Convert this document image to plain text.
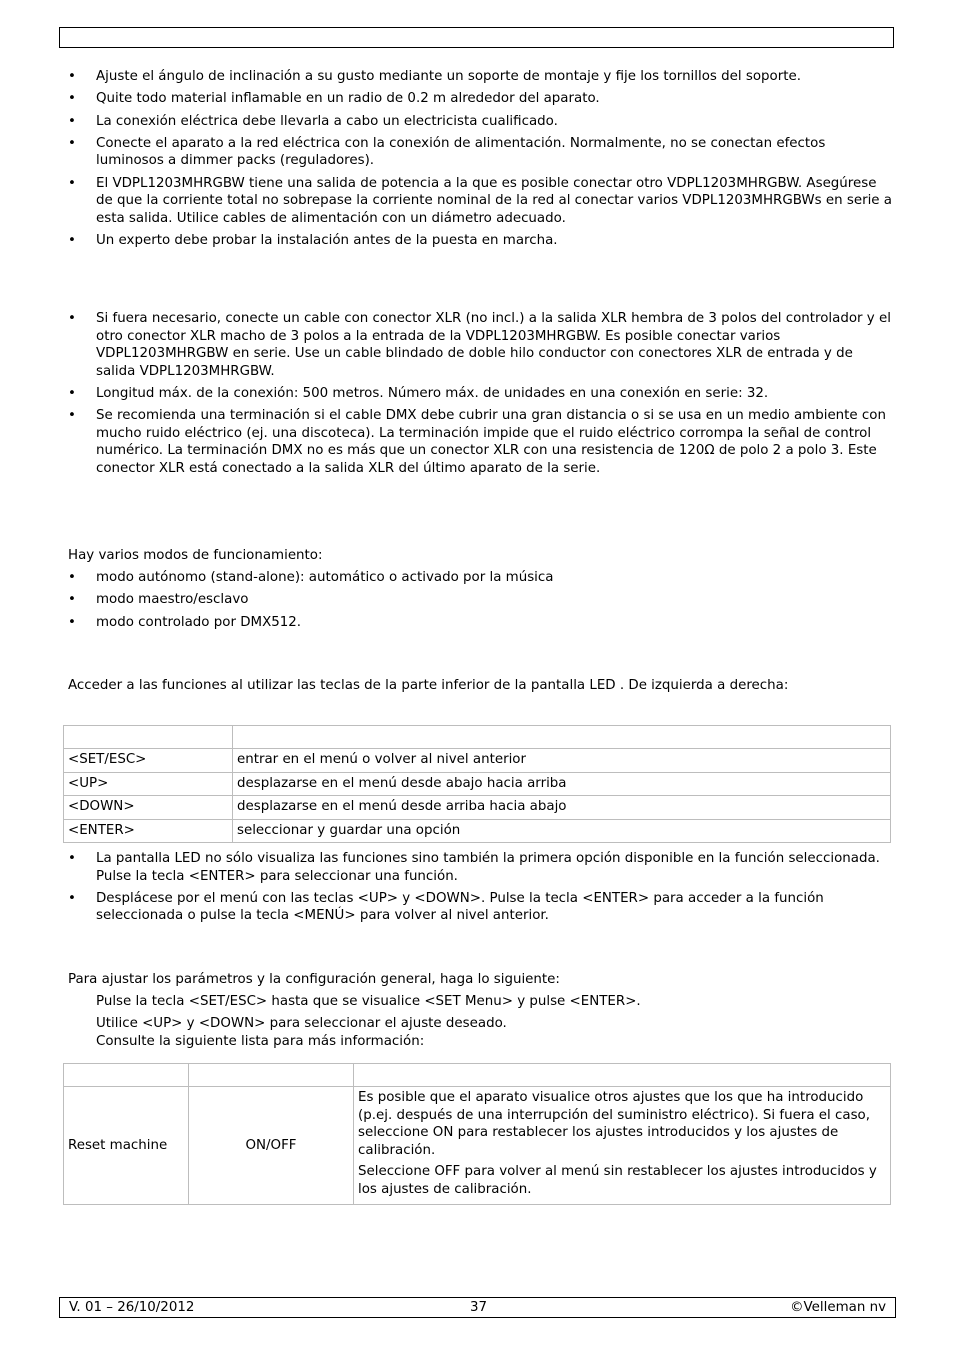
• Ajuste el ángulo de inclinación a su gusto mediante un soporte de montaje y fije los tornillos del soporte.
• Quite todo material inflamable en un radio de 0.2 m alrededor del aparato.
• La conexión eléctrica debe llevarla a cabo un electricista cualificado.
• Conecte el aparato a la red eléctrica con la conexión de alimentación. Normalmente, no se conectan efectos luminosos a dimmer packs (reguladores).
• El VDPL1203MHRGBW tiene una salida de potencia a la que es posible conectar otro VDPL1203MHRGBW. Asegúrese de que la corriente total no sobrepase la corriente nominal de la red al conectar varios VDPL1203MHRGBWs en serie a esta salida. Utilice cables de alimentación con un diámetro adecuado.
• Un experto debe probar la instalación antes de la puesta en marcha.
• Si fuera necesario, conecte un cable con conector XLR (no incl.) a la salida XLR hembra de 3 polos del controlador y el otro conector XLR macho de 3 polos a la entrada de la VDPL1203MHRGBW. Es posible conectar varios VDPL1203MHRGBW en serie. Use un cable blindado de doble hilo conductor con conectores XLR de entrada y de salida VDPL1203MHRGBW.
• Longitud máx. de la conexión: 500 metros. Número máx. de unidades en una conexión en serie: 32.
• Se recomienda una terminación si el cable DMX debe cubrir una gran distancia o si se usa en un medio ambiente con mucho ruido eléctrico (ej. una discoteca). La terminación impide que el ruido eléctrico corrompa la señal de control numérico. La terminación DMX no es más que un conector XLR con una resistencia de 120Ω de polo 2 a polo 3. Este conector XLR está conectado a la salida XLR del último aparato de la serie.

Hay varios modos de funcionamiento:

• modo autónomo (stand-alone): automático o activado por la música
• modo maestro/esclavo
• modo controlado por DMX512.

Acceder a las funciones al utilizar las teclas de la parte inferior de la pantalla LED . De izquierda a derecha:

<SET/ESC>	entrar en el menú o volver al nivel anterior
<UP>	desplazarse en el menú desde abajo hacia arriba
<DOWN>	desplazarse en el menú desde arriba hacia abajo
<ENTER>	seleccionar y guardar una opción
• La pantalla LED no sólo visualiza las funciones sino también la primera opción disponible en la función seleccionada. Pulse la tecla <ENTER> para seleccionar una función.
• Desplácese por el menú con las teclas <UP> y <DOWN>. Pulse la tecla <ENTER> para acceder a la función seleccionada o pulse la tecla <MENÚ> para volver al nivel anterior.

Para ajustar los parámetros y la configuración general, haga lo siguiente:

Pulse la tecla <SET/ESC> hasta que se visualice <SET Menu> y pulse <ENTER>.

Utilice <UP> y <DOWN> para seleccionar el ajuste deseado.

Consulte la siguiente lista para más información:

Reset machine	ON/OFF	Es posible que el aparato visualice otros ajustes que los que ha introducido (p.ej. después de una interrupción del suministro eléctrico). Si fuera el caso, seleccione ON para restablecer los ajustes introducidos y los ajustes de calibración.

Seleccione OFF para volver al menú sin restablecer los ajustes introducidos y los ajustes de calibración.

V. 01 – 26/10/2012	37	©Velleman nv
